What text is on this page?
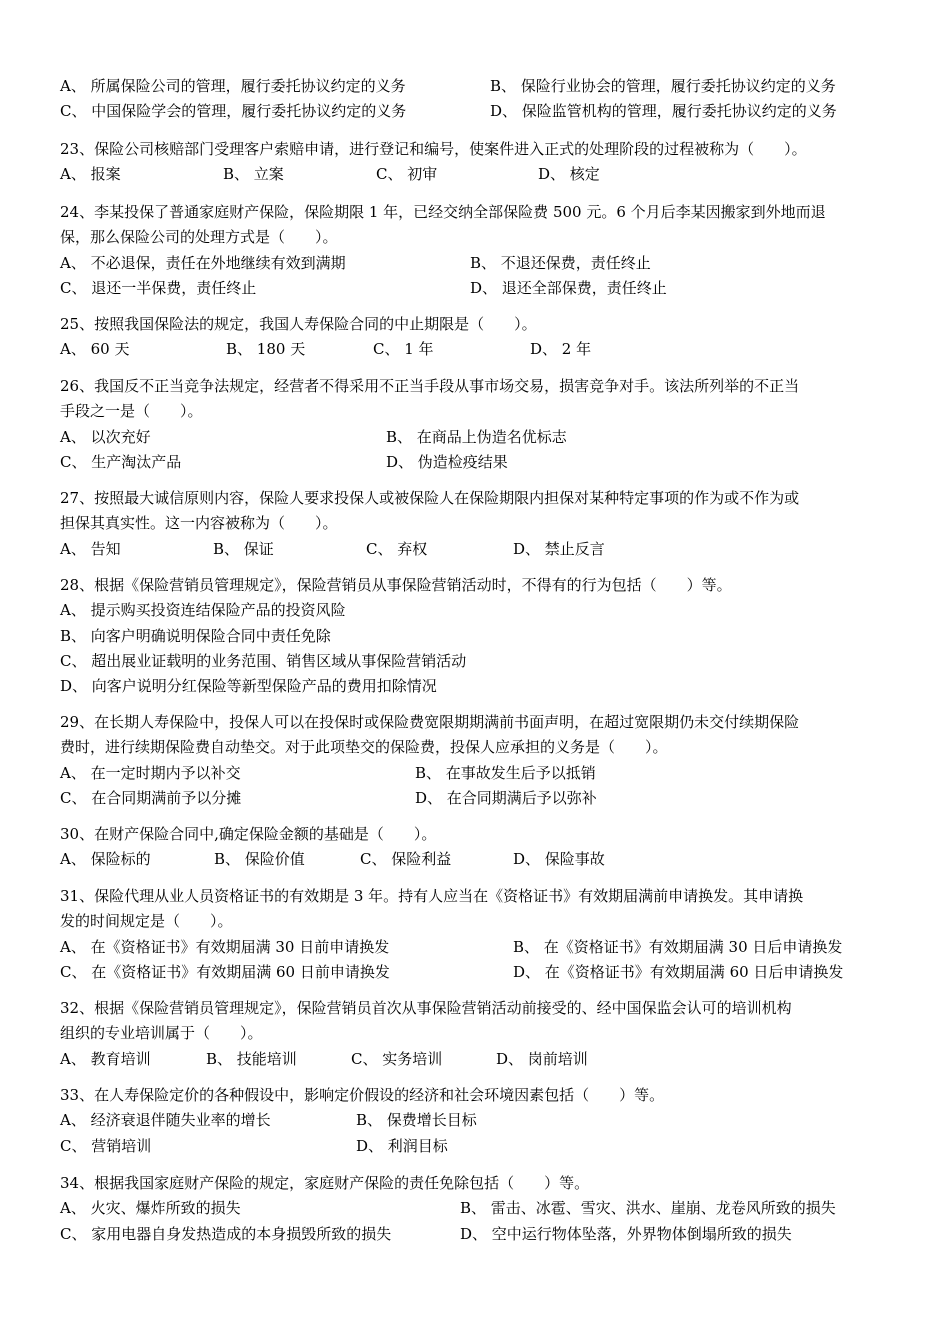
A、 所属保险公司的管理，履行委托协议约定的义务	B、 保险行业协会的管理，履行委托协议约定的义务
C、 中国保险学会的管理，履行委托协议约定的义务	D、 保险监管机构的管理，履行委托协议约定的义务
23、保险公司核赔部门受理客户索赔申请，进行登记和编号，使案件进入正式的处理阶段的过程被称为（　　）。
A、 报案	B、 立案	C、 初审	D、 核定
24、李某投保了普通家庭财产保险，保险期限 1 年，已经交纳全部保险费 500 元。6 个月后李某因搬家到外地而退
保，那么保险公司的处理方式是（　　）。
A、 不必退保，责任在外地继续有效到满期	B、 不退还保费，责任终止
C、 退还一半保费，责任终止	D、 退还全部保费，责任终止
25、按照我国保险法的规定，我国人寿保险合同的中止期限是（　　）。
A、 60 天	B、 180 天	C、 1 年	D、 2 年
26、我国反不正当竞争法规定，经营者不得采用不正当手段从事市场交易，损害竞争对手。该法所列举的不正当
手段之一是（　　）。
A、 以次充好	B、 在商品上伪造名优标志
C、 生产淘汰产品	D、 伪造检疫结果
27、按照最大诚信原则内容，保险人要求投保人或被保险人在保险期限内担保对某种特定事项的作为或不作为或
担保其真实性。这一内容被称为（　　）。
A、 告知	B、 保证	C、 弃权	D、 禁止反言
28、根据《保险营销员管理规定》，保险营销员从事保险营销活动时，不得有的行为包括（　　）等。
A、 提示购买投资连结保险产品的投资风险
B、 向客户明确说明保险合同中责任免除
C、 超出展业证载明的业务范围、销售区域从事保险营销活动
D、 向客户说明分红保险等新型保险产品的费用扣除情况
29、在长期人寿保险中，投保人可以在投保时或保险费宽限期期满前书面声明，在超过宽限期仍未交付续期保险
费时，进行续期保险费自动垫交。对于此项垫交的保险费，投保人应承担的义务是（　　）。
A、 在一定时期内予以补交	B、 在事故发生后予以抵销
C、 在合同期满前予以分摊	D、 在合同期满后予以弥补
30、在财产保险合同中,确定保险金额的基础是（　　）。
A、 保险标的	B、 保险价值	C、 保险利益	D、 保险事故
31、保险代理从业人员资格证书的有效期是 3 年。持有人应当在《资格证书》有效期届满前申请换发。其申请换
发的时间规定是（　　）。
A、 在《资格证书》有效期届满 30 日前申请换发	B、 在《资格证书》有效期届满 30 日后申请换发
C、 在《资格证书》有效期届满 60 日前申请换发	D、 在《资格证书》有效期届满 60 日后申请换发
32、根据《保险营销员管理规定》，保险营销员首次从事保险营销活动前接受的、经中国保监会认可的培训机构
组织的专业培训属于（　　）。
A、 教育培训	B、 技能培训	C、 实务培训	D、 岗前培训
33、在人寿保险定价的各种假设中，影响定价假设的经济和社会环境因素包括（　　）等。
A、 经济衰退伴随失业率的增长	B、 保费增长目标
C、 营销培训	D、 利润目标
34、根据我国家庭财产保险的规定，家庭财产保险的责任免除包括（　　）等。
A、 火灾、爆炸所致的损失	B、 雷击、冰雹、雪灾、洪水、崖崩、龙卷风所致的损失
C、 家用电器自身发热造成的本身损毁所致的损失	D、 空中运行物体坠落，外界物体倒塌所致的损失
